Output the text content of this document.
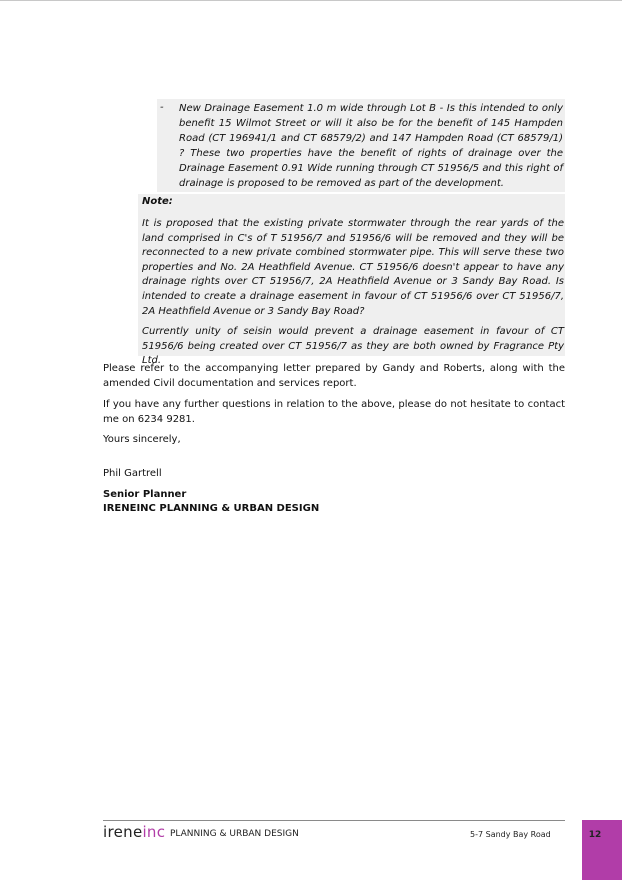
- New Drainage Easement 1.0 m wide through Lot B - Is this intended to only benefit 15 Wilmot Street or will it also be for the benefit of 145 Hampden Road (CT 196941/1 and CT 68579/2) and 147 Hampden Road (CT 68579/1) ? These two properties have the benefit of rights of drainage over the Drainage Easement 0.91 Wide running through CT 51956/5 and this right of drainage is proposed to be removed as part of the development.
Note:
It is proposed that the existing private stormwater through the rear yards of the land comprised in C's of T 51956/7 and 51956/6 will be removed and they will be reconnected to a new private combined stormwater pipe. This will serve these two properties and No. 2A Heathfield Avenue. CT 51956/6 doesn't appear to have any drainage rights over CT 51956/7, 2A Heathfield Avenue or 3 Sandy Bay Road. Is intended to create a drainage easement in favour of CT 51956/6 over CT 51956/7, 2A Heathfield Avenue or 3 Sandy Bay Road?
Currently unity of seisin would prevent a drainage easement in favour of CT 51956/6 being created over CT 51956/7 as they are both owned by Fragrance Pty Ltd.
Please refer to the accompanying letter prepared by Gandy and Roberts, along with the amended Civil documentation and services report.
If you have any further questions in relation to the above, please do not hesitate to contact me on 6234 9281.
Yours sincerely,
Phil Gartrell
Senior Planner
IRENEINC PLANNING & URBAN DESIGN
ireneinc PLANNING & URBAN DESIGN	5-7 Sandy Bay Road	12
